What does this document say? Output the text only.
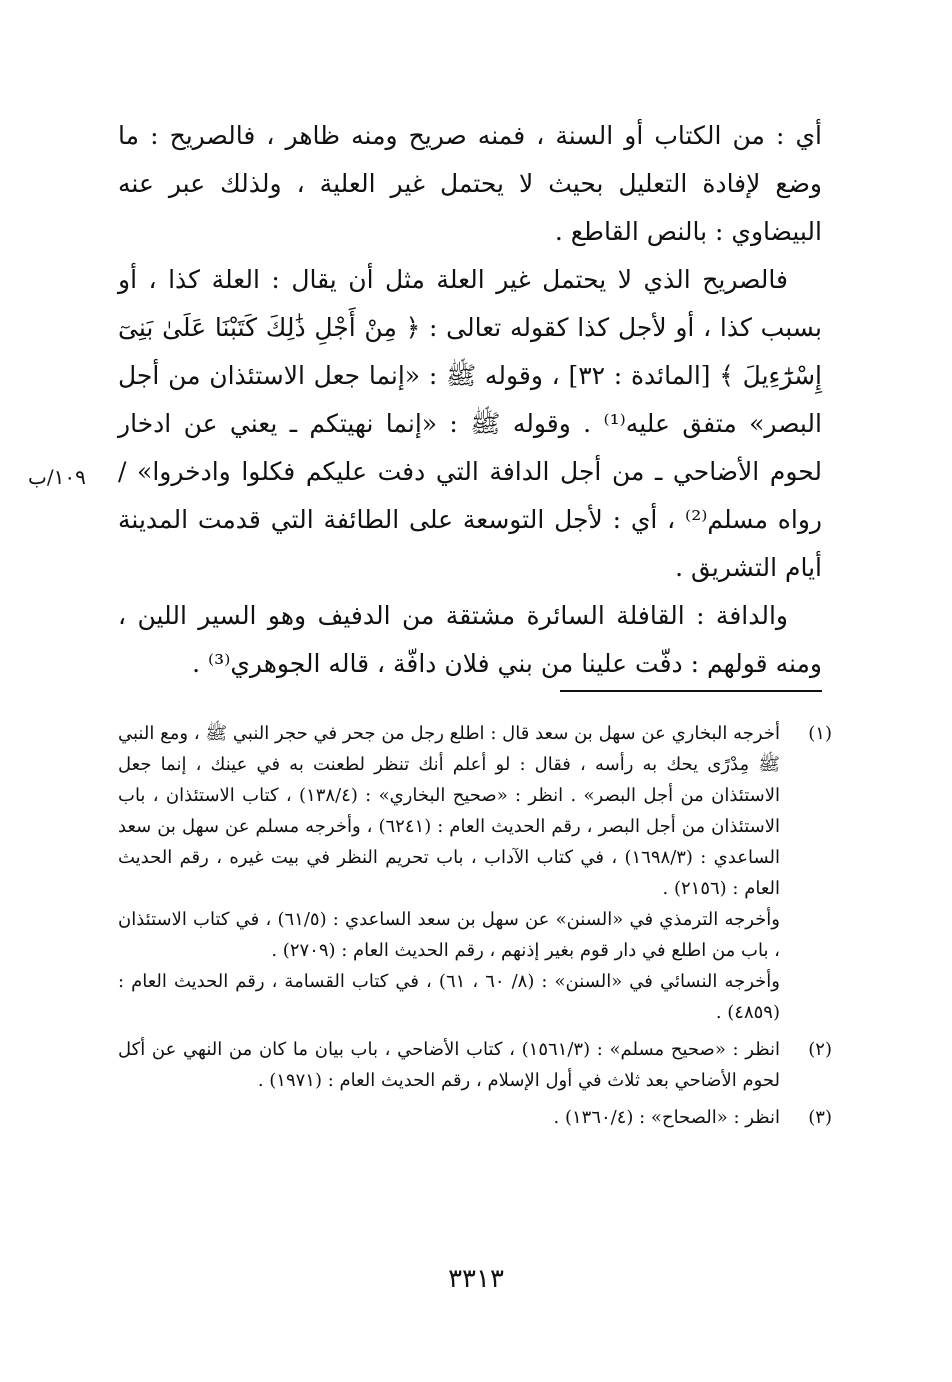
أي : من الكتاب أو السنة ، فمنه صريح ومنه ظاهر ، فالصريح : ما وضع لإفادة التعليل بحيث لا يحتمل غير العلية ، ولذلك عبر عنه البيضاوي : بالنص القاطع .

فالصريح الذي لا يحتمل غير العلة مثل أن يقال : العلة كذا ، أو بسبب كذا ، أو لأجل كذا كقوله تعالى : ﴿ مِنْ أَجْلِ ذَٰلِكَ كَتَبْنَا عَلَىٰ بَنِىٓ إِسْرَٰٓءِيلَ ﴾ [المائدة : ٣٢] ، وقوله ﷺ : «إنما جعل الاستئذان من أجل البصر» متفق عليه⁽¹⁾ . وقوله ﷺ : «إنما نهيتكم ـ يعني عن ادخار لحوم الأضاحي ـ من أجل الدافة التي دفت عليكم فكلوا وادخروا» / رواه مسلم⁽²⁾ ، أي : لأجل التوسعة على الطائفة التي قدمت المدينة أيام التشريق .

والدافة : القافلة السائرة مشتقة من الدفيف وهو السير اللين ، ومنه قولهم : دفّت علينا من بني فلان دافّة ، قاله الجوهري⁽³⁾ .

١٠٩/ب
(١)

أخرجه البخاري عن سهل بن سعد قال : اطلع رجل من جحر في حجر النبي ﷺ ، ومع النبي ﷺ مِدْرًى يحك به رأسه ، فقال : لو أعلم أنك تنظر لطعنت به في عينك ، إنما جعل الاستئذان من أجل البصر» . انظر : «صحيح البخاري» : (١٣٨/٤) ، كتاب الاستئذان ، باب الاستئذان من أجل البصر ، رقم الحديث العام : (٦٢٤١) ، وأخرجه مسلم عن سهل بن سعد الساعدي : (١٦٩٨/٣) ، في كتاب الآداب ، باب تحريم النظر في بيت غيره ، رقم الحديث العام : (٢١٥٦) .

وأخرجه الترمذي في «السنن» عن سهل بن سعد الساعدي : (٦١/٥) ، في كتاب الاستئذان ، باب من اطلع في دار قوم بغير إذنهم ، رقم الحديث العام : (٢٧٠٩) .

وأخرجه النسائي في «السنن» : (٨/ ٦٠ ، ٦١) ، في كتاب القسامة ، رقم الحديث العام : (٤٨٥٩) .

(٢)

انظر : «صحيح مسلم» : (١٥٦١/٣) ، كتاب الأضاحي ، باب بيان ما كان من النهي عن أكل لحوم الأضاحي بعد ثلاث في أول الإسلام ، رقم الحديث العام : (١٩٧١) .

(٣)

انظر : «الصحاح» : (١٣٦٠/٤) .

٣٣١٣
